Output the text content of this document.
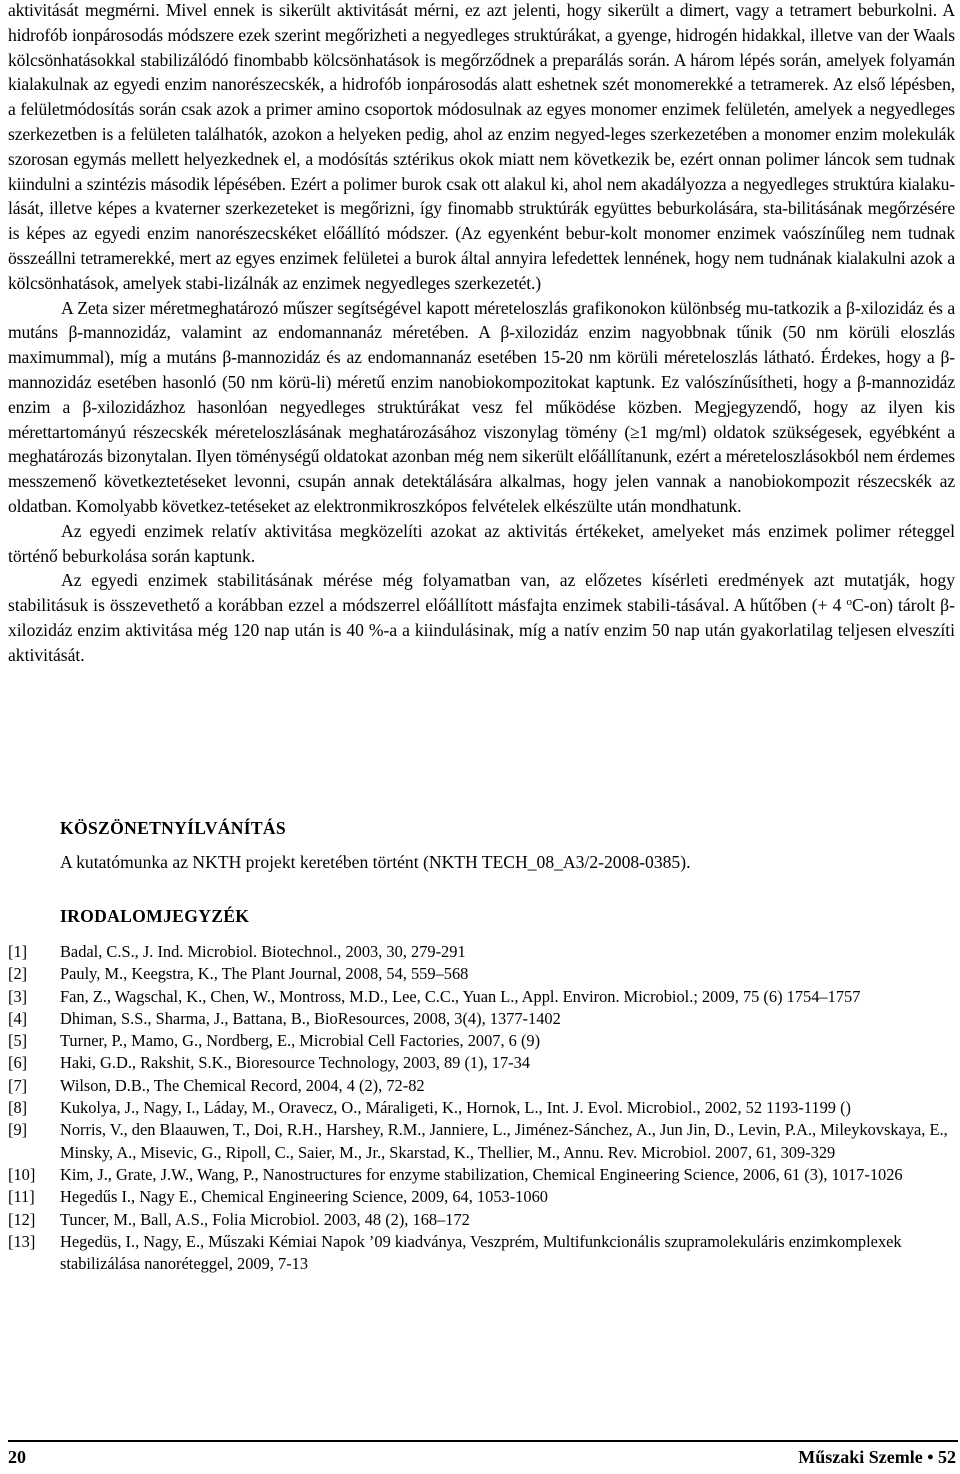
aktivitását megmérni. Mivel ennek is sikerült aktivitását mérni, ez azt jelenti, hogy sikerült a dimert, vagy a tetramert beburkolni. A hidrofób ionpárosodás módszere ezek szerint megőrizheti a negyedleges struktúrákat, a gyenge, hidrogén hidakkal, illetve van der Waals kölcsönhatásokkal stabilizálódó finombabb kölcsönhatások is megőrződnek a preparálás során. A három lépés során, amelyek folyamán kialakulnak az egyedi enzim nanorészecskék, a hidrofób ionpárosodás alatt eshetnek szét monomerekké a tetramerek. Az első lépésben, a felületmódosítás során csak azok a primer amino csoportok módosulnak az egyes monomer enzimek felületén, amelyek a negyedleges szerkezetben is a felületen találhatók, azokon a helyeken pedig, ahol az enzim negyed-leges szerkezetében a monomer enzim molekulák szorosan egymás mellett helyezkednek el, a modósítás sztérikus okok miatt nem következik be, ezért onnan polimer láncok sem tudnak kiindulni a szintézis második lépésében. Ezért a polimer burok csak ott alakul ki, ahol nem akadályozza a negyedleges struktúra kialaku-lását, illetve képes a kvaterner szerkezeteket is megőrizni, így finomabb struktúrák együttes beburkolására, sta-bilitásának megőrzésére is képes az egyedi enzim nanorészecskéket előállító módszer. (Az egyenként bebur-kolt monomer enzimek vaószínűleg nem tudnak összeállni tetramerekké, mert az egyes enzimek felületei a burok által annyira lefedettek lennének, hogy nem tudnának kialakulni azok a kölcsönhatások, amelyek stabi-lizálnák az enzimek negyedleges szerkezetét.)

A Zeta sizer méretmeghatározó műszer segítségével kapott méreteloszlás grafikonokon különbség mu-tatkozik a β-xilozidáz és a mutáns β-mannozidáz, valamint az endomannanáz méretében. A β-xilozidáz enzim nagyobbnak tűnik (50 nm körüli eloszlás maximummal), míg a mutáns β-mannozidáz és az endomannanáz esetében 15-20 nm körüli méreteloszlás látható. Érdekes, hogy a β-mannozidáz esetében hasonló (50 nm körü-li) méretű enzim nanobiokompozitokat kaptunk. Ez valószínűsítheti, hogy a β-mannozidáz enzim a β-xilozidázhoz hasonlóan negyedleges struktúrákat vesz fel működése közben. Megjegyzendő, hogy az ilyen kis mérettartományú részecskék méreteloszlásának meghatározásához viszonylag tömény (≥1 mg/ml) oldatok szükségesek, egyébként a meghatározás bizonytalan. Ilyen töménységű oldatokat azonban még nem sikerült előállítanunk, ezért a méreteloszlásokból nem érdemes messzemenő következtetéseket levonni, csupán annak detektálására alkalmas, hogy jelen vannak a nanobiokompozit részecskék az oldatban. Komolyabb következ-tetéseket az elektronmikroszkópos felvételek elkészülte után mondhatunk.

Az egyedi enzimek relatív aktivitása megközelíti azokat az aktivitás értékeket, amelyeket más enzimek polimer réteggel történő beburkolása során kaptunk.

Az egyedi enzimek stabilitásának mérése még folyamatban van, az előzetes kísérleti eredmények azt mutatják, hogy stabilitásuk is összevethető a korábban ezzel a módszerrel előállított másfajta enzimek stabili-tásával. A hűtőben (+ 4 $^o$C-on) tárolt β-xilozidáz enzim aktivitása még 120 nap után is 40 %-a a kiindulásinak, míg a natív enzim 50 nap után gyakorlatilag teljesen elveszíti aktivitását.

KÖSZÖNETNYÍLVÁNÍTÁS
A kutatómunka az NKTH projekt keretében történt (NKTH TECH_08_A3/2-2008-0385).
IRODALOMJEGYZÉK
[1]	Badal, C.S., J. Ind. Microbiol. Biotechnol., 2003, 30, 279-291
[2]	Pauly, M., Keegstra, K., The Plant Journal, 2008, 54, 559–568
[3]	Fan, Z., Wagschal, K., Chen, W., Montross, M.D., Lee, C.C., Yuan L., Appl. Environ. Microbiol.; 2009, 75 (6) 1754–1757
[4]	Dhiman, S.S., Sharma, J., Battana, B., BioResources, 2008, 3(4), 1377-1402
[5]	Turner, P., Mamo, G., Nordberg, E., Microbial Cell Factories, 2007, 6 (9)
[6]	Haki, G.D., Rakshit, S.K., Bioresource Technology, 2003, 89 (1), 17-34
[7]	Wilson, D.B., The Chemical Record, 2004, 4 (2), 72-82
[8]	Kukolya, J., Nagy, I., Láday, M., Oravecz, O., Máraligeti, K., Hornok, L., Int. J. Evol. Microbiol., 2002, 52 1193-1199 ()
[9]	Norris, V., den Blaauwen, T., Doi, R.H., Harshey, R.M., Janniere, L., Jiménez-Sánchez, A., Jun Jin, D., Levin, P.A., Mileykovskaya, E., Minsky, A., Misevic, G., Ripoll, C., Saier, M., Jr., Skarstad, K., Thellier, M., Annu. Rev. Microbiol. 2007, 61, 309-329
[10]	Kim, J., Grate, J.W., Wang, P., Nanostructures for enzyme stabilization, Chemical Engineering Science, 2006, 61 (3), 1017-1026
[11]	Hegedűs I., Nagy E., Chemical Engineering Science, 2009, 64, 1053-1060
[12]	Tuncer, M., Ball, A.S., Folia Microbiol. 2003, 48 (2), 168–172
[13]	Hegedüs, I., Nagy, E., Műszaki Kémiai Napok ’09 kiadványa, Veszprém, Multifunkcionális szupramolekuláris enzimkomplexek stabilizálása nanoréteggel, 2009, 7-13
20	Műszaki Szemle • 52
